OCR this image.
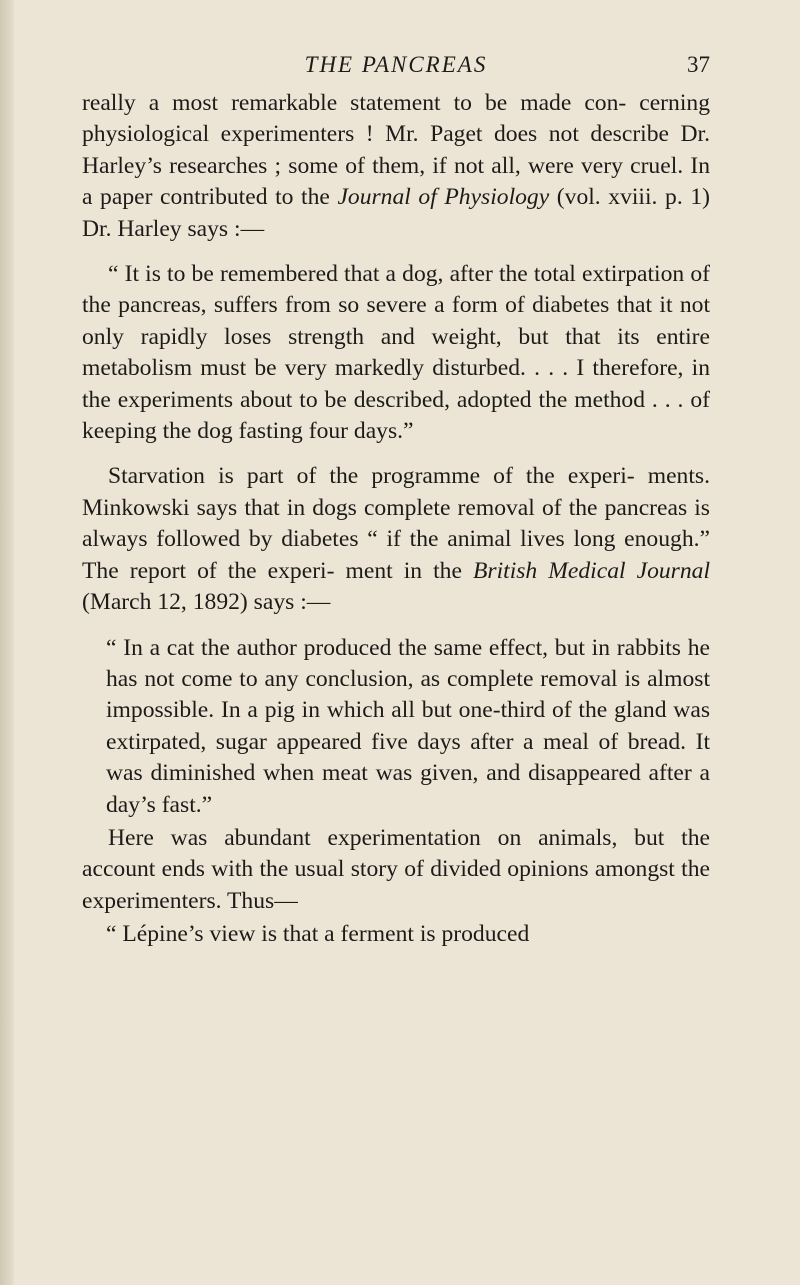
THE PANCREAS	37

really a most remarkable statement to be made con- cerning physiological experimenters ! Mr. Paget does not describe Dr. Harley’s researches ; some of them, if not all, were very cruel. In a paper contributed to the Journal of Physiology (vol. xviii. p. 1) Dr. Harley says :—

“ It is to be remembered that a dog, after the total extirpation of the pancreas, suffers from so severe a form of diabetes that it not only rapidly loses strength and weight, but that its entire metabolism must be very markedly disturbed. . . . I therefore, in the experiments about to be described, adopted the method . . . of keeping the dog fasting four days.”

Starvation is part of the programme of the experi- ments. Minkowski says that in dogs complete removal of the pancreas is always followed by diabetes “ if the animal lives long enough.” The report of the experi- ment in the British Medical Journal (March 12, 1892) says :—

“ In a cat the author produced the same effect, but in rabbits he has not come to any conclusion, as complete removal is almost impossible. In a pig in which all but one-third of the gland was extirpated, sugar appeared five days after a meal of bread. It was diminished when meat was given, and disappeared after a day’s fast.”

Here was abundant experimentation on animals, but the account ends with the usual story of divided opinions amongst the experimenters. Thus—

“ Lépine’s view is that a ferment is produced
